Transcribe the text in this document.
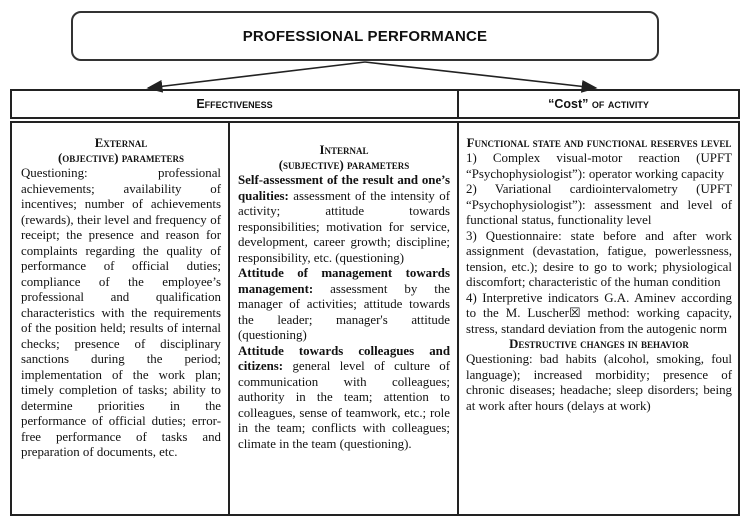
PROFESSIONAL PERFORMANCE
Effectiveness	“Cost” of activity
External
(objective) parameters
Questioning: professional achievements; availability of incentives; number of achievements (rewards), their level and frequency of receipt; the presence and reason for complaints regarding the quality of performance of official duties; compliance of the employee’s professional and qualification characteristics with the requirements of the position held; results of internal checks; presence of disciplinary sanctions during the period; implementation of the work plan; timely completion of tasks; ability to determine priorities in the performance of official duties; error-free performance of tasks and preparation of documents, etc.
Internal
(subjective) parameters

Self-assessment of the result and one’s qualities: assessment of the intensity of activity; attitude towards responsibilities; motivation for service, development, career growth; discipline; responsibility, etc. (questioning)

Attitude of management towards management: assessment by the manager of activities; attitude towards the leader; manager's attitude (questioning)

Attitude towards colleagues and citizens: general level of culture of communication with colleagues; authority in the team; attention to colleagues, sense of teamwork, etc.; role in the team; conflicts with colleagues; climate in the team (questioning).

Functional state and functional reserves level

1) Complex visual-motor reaction (UPFT “Psychophysiologist”): operator working capacity

2) Variational cardiointervalometry (UPFT “Psychophysiologist”): assessment and level of functional status, functionality level

3) Questionnaire: state before and after work assignment (devastation, fatigue, powerlessness, tension, etc.); desire to go to work; physiological discomfort; characteristic of the human condition

4) Interpretive indicators G.A. Aminev according to the M. Luscher☒ method: working capacity, stress, standard deviation from the autogenic norm

Destructive changes in behavior

Questioning: bad habits (alcohol, smoking, foul language); increased morbidity; presence of chronic diseases; headache; sleep disorders; being at work after hours (delays at work)
